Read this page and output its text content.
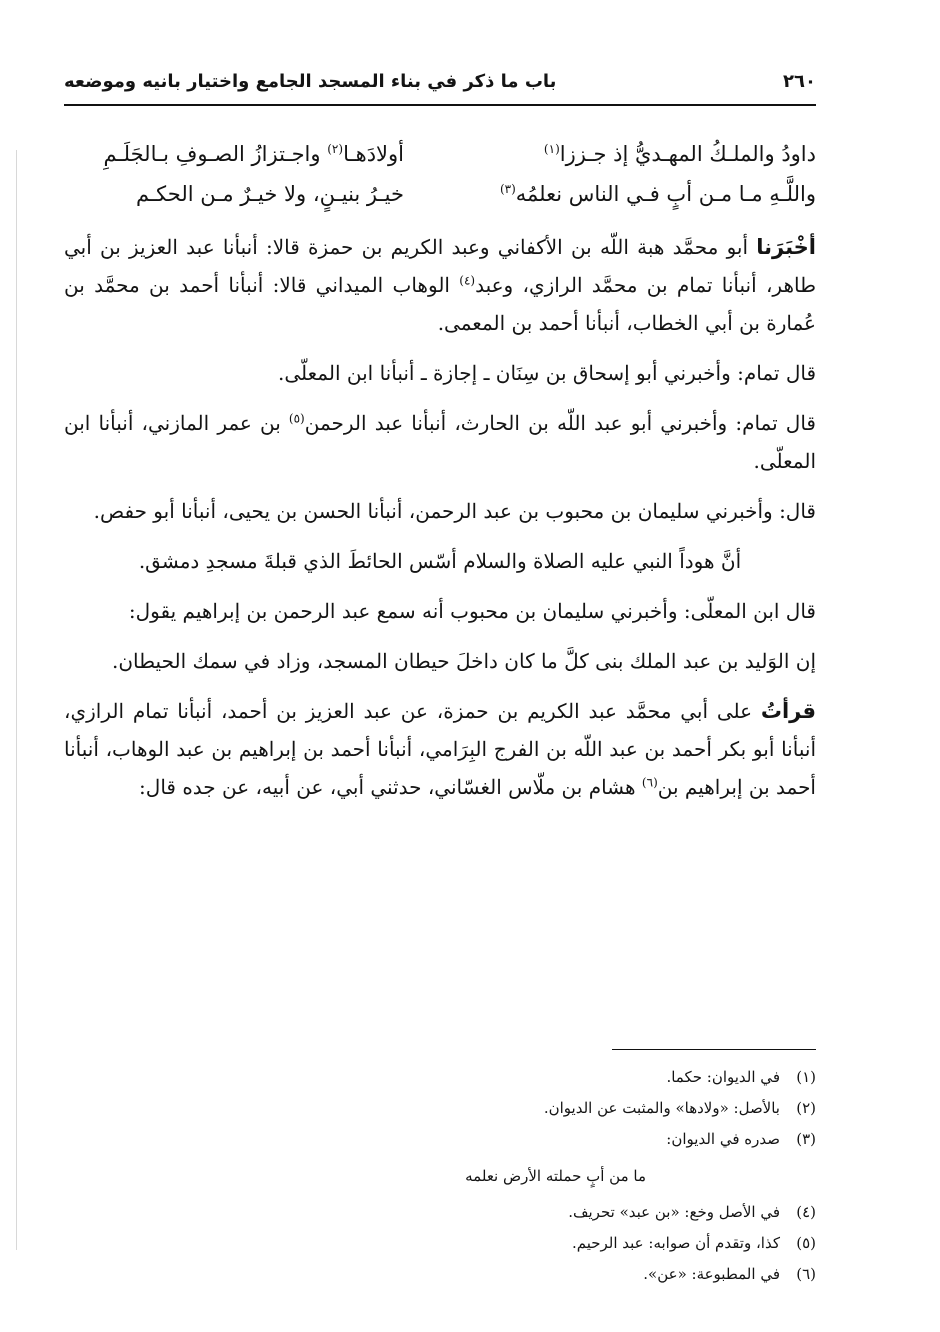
٢٦٠
باب ما ذكر في بناء المسجد الجامع واختيار بانيه وموضعه
داودُ والملـكُ المهـديُّ إذ جـززا$^{(١)}$
أولادَهـا$^{(٢)}$ واجـتزازُ الصـوفِ بـالجَلَـمِ
واللَّـهِ مـا مـن أبٍ فـي الناس نعلمُه$^{(٣)}$
خيـرُ بنيـنٍ، ولا خيـرٌ مـن الحكـم

أخْبَرَنا أبو محمَّد هبة اللّه بن الأكفاني وعبد الكريم بن حمزة قالا: أنبأنا عبد العزيز بن أبي طاهر، أنبأنا تمام بن محمَّد الرازي، وعبد$^{(٤)}$ الوهاب الميداني قالا: أنبأنا أحمد بن محمَّد بن عُمارة بن أبي الخطاب، أنبأنا أحمد بن المعمى.

قال تمام: وأخبرني أبو إسحاق بن سِنَان ـ إجازة ـ أنبأنا ابن المعلّى.

قال تمام: وأخبرني أبو عبد اللّه بن الحارث، أنبأنا عبد الرحمن$^{(٥)}$ بن عمر المازني، أنبأنا ابن المعلّى.

قال: وأخبرني سليمان بن محبوب بن عبد الرحمن، أنبأنا الحسن بن يحيى، أنبأنا أبو حفص.

أنَّ هوداً النبي عليه الصلاة والسلام أسّس الحائطَ الذي قبلةَ مسجدِ دمشق.

قال ابن المعلّى: وأخبرني سليمان بن محبوب أنه سمع عبد الرحمن بن إبراهيم يقول:

إن الوَليد بن عبد الملك بنى كلَّ ما كان داخلَ حيطان المسجد، وزاد في سمك الحيطان.

قرأتُ على أبي محمَّد عبد الكريم بن حمزة، عن عبد العزيز بن أحمد، أنبأنا تمام الرازي، أنبأنا أبو بكر أحمد بن عبد اللّه بن الفرج البِرَامي، أنبأنا أحمد بن إبراهيم بن عبد الوهاب، أنبأنا أحمد بن إبراهيم بن$^{(٦)}$ هشام بن ملّاس الغسّاني، حدثني أبي، عن أبيه، عن جده قال:

(١)
في الديوان: حكما.
(٢)
بالأصل: «ولادها» والمثبت عن الديوان.
(٣)
صدره في الديوان:
ما من أبٍ حملته الأرض نعلمه
(٤)
في الأصل وخع: «بن عبد» تحريف.
(٥)
كذا، وتقدم أن صوابه: عبد الرحيم.
(٦)
في المطبوعة: «عن».
